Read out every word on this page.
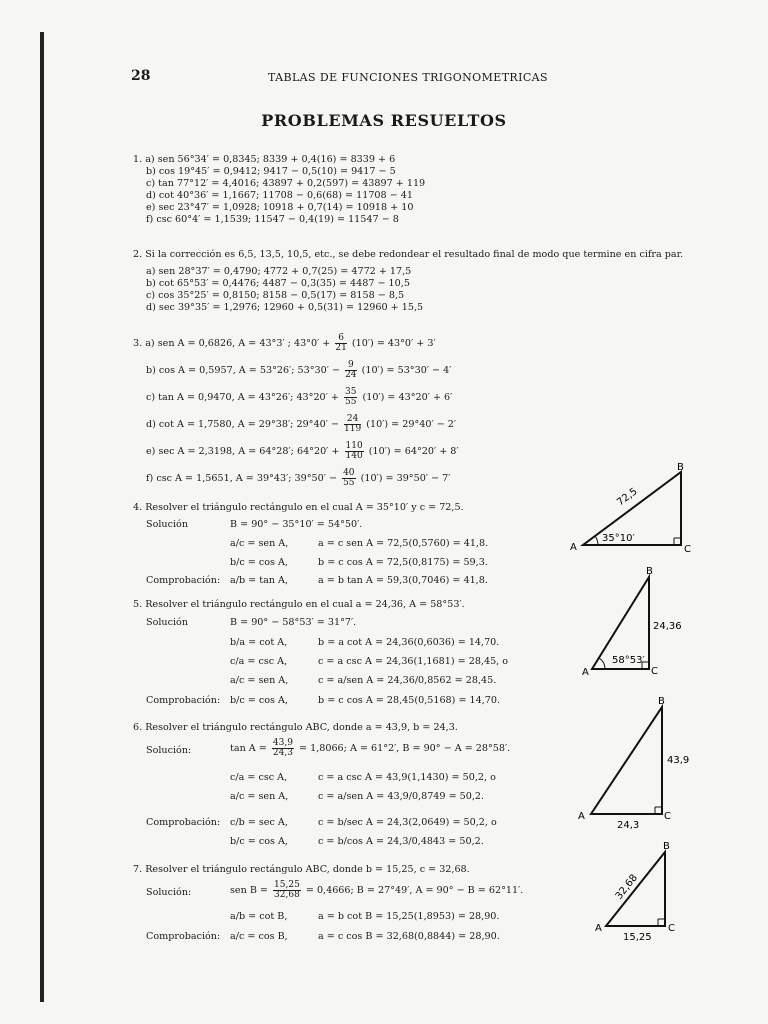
28	TABLAS DE FUNCIONES TRIGONOMETRICAS
PROBLEMAS RESUELTOS
1. a) sen 56°34′ = 0,8345; 8339 + 0,4(16) = 8339 + 6
b) cos 19°45′ = 0,9412; 9417 − 0,5(10) = 9417 − 5
c) tan 77°12′ = 4,4016; 43897 + 0,2(597) = 43897 + 119
d) cot 40°36′ = 1,1667; 11708 − 0,6(68) = 11708 − 41
e) sec 23°47′ = 1,0928; 10918 + 0,7(14) = 10918 + 10
f) csc 60°4′ = 1,1539; 11547 − 0,4(19) = 11547 − 8
2. Si la corrección es 6,5, 13,5, 10,5, etc., se debe redondear el resultado final de modo que termine en cifra par.
a) sen 28°37′ = 0,4790; 4772 + 0,7(25) = 4772 + 17,5
b) cot 65°53′ = 0,4476; 4487 − 0,3(35) = 4487 − 10,5
c) cos 35°25′ = 0,8150; 8158 − 0,5(17) = 8158 − 8,5
d) sec 39°35′ = 1,2976; 12960 + 0,5(31) = 12960 + 15,5
3. a) sen A = 0,6826, A = 43°3′ ; $43^\circ 0' + \frac{6}{21} (10') = 43^\circ 0' + 3'$
b) cos A = 0,5957, A = 53°26′; $53^\circ 30' - \frac{9}{24} (10') = 53^\circ 30' - 4'$
c) tan A = 0,9470, A = 43°26′; $43^\circ 20' + \frac{35}{55} (10') = 43^\circ 20' + 6'$
d) cot A = 1,7580, A = 29°38′; $29^\circ 40' - \frac{24}{119} (10') = 29^\circ 40' - 2'$
e) sec A = 2,3198, A = 64°28′; $64^\circ 20' + \frac{110}{140} (10') = 64^\circ 20' + 8'$
f) csc A = 1,5651, A = 39°43′; $39^\circ 50' - \frac{40}{55} (10') = 39^\circ 50' - 7'$
4. Resolver el triángulo rectángulo en el cual A = 35°10′ y c = 72,5.
Solución	B = 90° − 35°10′ = 54°50′.
a/c = sen A,	a = c sen A = 72,5(0,5760) = 41,8.
b/c = cos A,	b = c cos A = 72,5(0,8175) = 59,3.
Comprobación: a/b = tan A,	a = b tan A = 59,3(0,7046) = 41,8.
B
A	C
72,5
35°10′
5. Resolver el triángulo rectángulo en el cual a = 24,36, A = 58°53′.
Solución	B = 90° − 58°53′ = 31°7′.
b/a = cot A,	b = a cot A = 24,36(0,6036) = 14,70.
c/a = csc A,	c = a csc A = 24,36(1,1681) = 28,45, o
a/c = sen A,	c = a/sen A = 24,36/0,8562 = 28,45.
Comprobación: b/c = cos A,	b = c cos A = 28,45(0,5168) = 14,70.
B
A	C
24,36
58°53′
6. Resolver el triángulo rectángulo ABC, donde a = 43,9, b = 24,3.
Solución:	$\tan A = \frac{43,9}{24,3} = 1,8066$; A = 61°2′, B = 90° − A = 28°58′.
c/a = csc A,	c = a csc A = 43,9(1,1430) = 50,2, o
a/c = sen A,	c = a/sen A = 43,9/0,8749 = 50,2.
Comprobación: c/b = sec A,	c = b/sec A = 24,3(2,0649) = 50,2, o
b/c = cos A,	c = b/cos A = 24,3/0,4843 = 50,2.
B
A	C
43,9
24,3
7. Resolver el triángulo rectángulo ABC, donde b = 15,25, c = 32,68.
Solución:	sen $B = \frac{15,25}{32,68} = 0,4666$; B = 27°49′, A = 90° − B = 62°11′.
a/b = cot B,	a = b cot B = 15,25(1,8953) = 28,90.
Comprobación: a/c = cos B,	a = c cos B = 32,68(0,8844) = 28,90.
B
A	C
32,68
15,25
